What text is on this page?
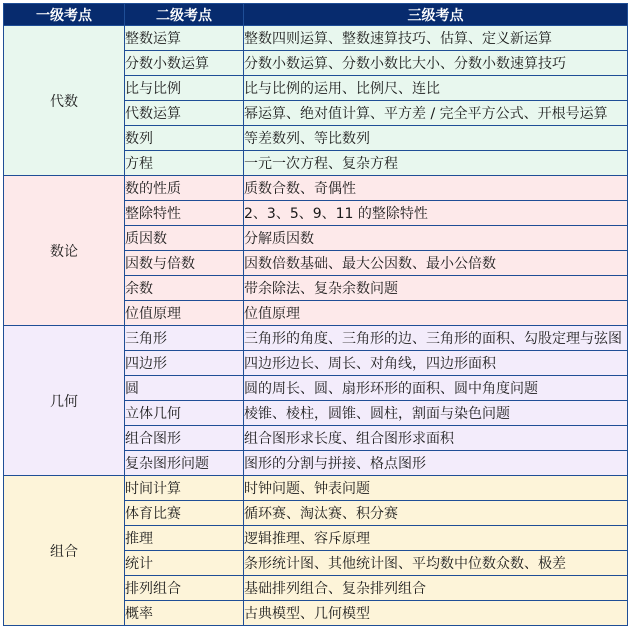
一级考点	二级考点	三级考点
代数	整数运算	整数四则运算、整数速算技巧、估算、定义新运算
	分数小数运算	分数小数运算、分数小数比大小、分数小数速算技巧
	比与比例	比与比例的运用、比例尺、连比
	代数运算	幂运算、绝对值计算、平方差 / 完全平方公式、开根号运算
	数列	等差数列、等比数列
	方程	一元一次方程、复杂方程
数论	数的性质	质数合数、奇偶性
	整除特性	2、3、5、9、11 的整除特性
	质因数	分解质因数
	因数与倍数	因数倍数基础、最大公因数、最小公倍数
	余数	带余除法、复杂余数问题
	位值原理	位值原理
几何	三角形	三角形的角度、三角形的边、三角形的面积、勾股定理与弦图
	四边形	四边形边长、周长、对角线，四边形面积
	圆	圆的周长、圆、扇形环形的面积、圆中角度问题
	立体几何	棱锥、棱柱，圆锥、圆柱，割面与染色问题
	组合图形	组合图形求长度、组合图形求面积
	复杂图形问题	图形的分割与拼接、格点图形
组合	时间计算	时钟问题、钟表问题
	体育比赛	循环赛、淘汰赛、积分赛
	推理	逻辑推理、容斥原理
	统计	条形统计图、其他统计图、平均数中位数众数、极差
	排列组合	基础排列组合、复杂排列组合
	概率	古典模型、几何模型
